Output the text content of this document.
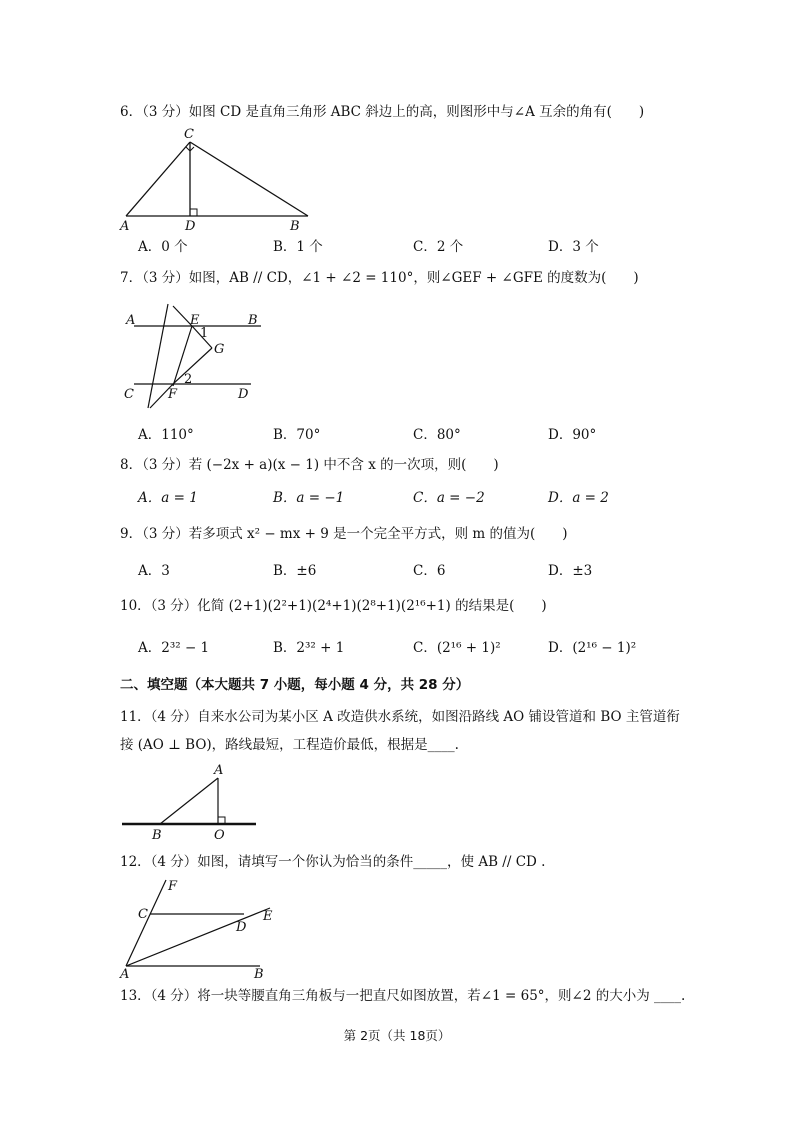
6．（3 分）如图 CD 是直角三角形 ABC 斜边上的高，则图形中与∠A 互余的角有(　　)
C
A	D	B
A．0 个	B．1 个	C．2 个	D．3 个
7．（3 分）如图，AB // CD，∠1 + ∠2 = 110°，则∠GEF + ∠GFE 的度数为(　　)
A	E	B
1
G
2
C	F	D
A．110°	B．70°	C．80°	D．90°
8．（3 分）若 (−2x + a)(x − 1) 中不含 x 的一次项，则(　　)
A．a = 1	B．a = −1	C．a = −2	D．a = 2
9．（3 分）若多项式 x² − mx + 9 是一个完全平方式，则 m 的值为(　　)
A．3	B．±6	C．6	D．±3
10．（3 分）化简 (2+1)(2²+1)(2⁴+1)(2⁸+1)(2¹⁶+1) 的结果是(　　)
A．2³² − 1	B．2³² + 1	C．(2¹⁶ + 1)²	D．(2¹⁶ − 1)²
二、填空题（本大题共 7 小题，每小题 4 分，共 28 分）
11．（4 分）自来水公司为某小区 A 改造供水系统，如图沿路线 AO 铺设管道和 BO 主管道衔
接 (AO ⊥ BO)，路线最短，工程造价最低，根据是____.
A
B	O
12．（4 分）如图，请填写一个你认为恰当的条件_____，使 AB // CD .
F
C	E
D
A	B
13．（4 分）将一块等腰直角三角板与一把直尺如图放置，若∠1 = 65°，则∠2 的大小为 ____.
第 2页（共 18页）
